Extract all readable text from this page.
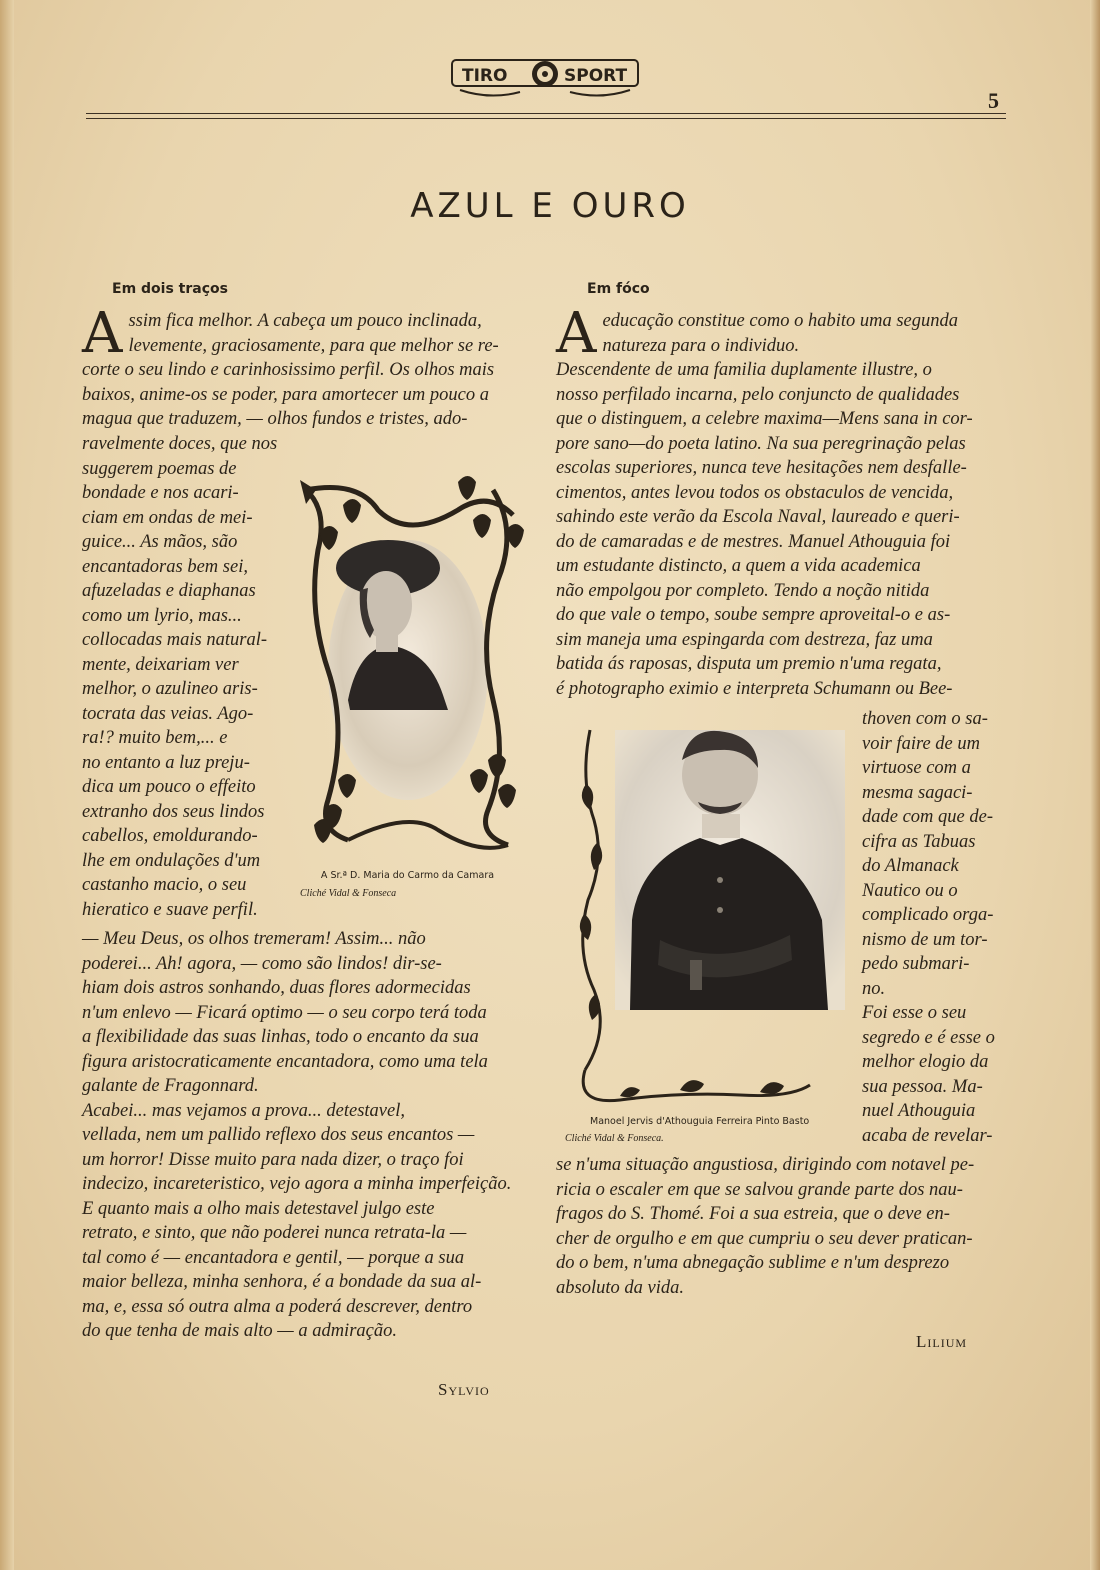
TIRO	SPORT
5
AZUL E OURO
Em dois traços

A ssim fica melhor. A cabeça um pouco inclinada,
levemente, graciosamente, para que melhor se re-
corte o seu lindo e carinhosissimo perfil. Os olhos mais
baixos, anime-os se poder, para amortecer um pouco a
magua que traduzem, — olhos fundos e tristes, ado-

ravelmente doces, que nos
suggerem poemas de
bondade e nos acari-
ciam em ondas de mei-
guice... As mãos, são
encantadoras bem sei,
afuzeladas e diaphanas
como um lyrio, mas...
collocadas mais natural-
mente, deixariam ver
melhor, o azulineo aris-
tocrata das veias. Ago-
ra!? muito bem,... e
no entanto a luz preju-
dica um pouco o effeito
extranho dos seus lindos
cabellos, emoldurando-
lhe em ondulações d'um
castanho macio, o seu
hieratico e suave perfil.

— Meu Deus, os olhos tremeram! Assim... não
poderei... Ah! agora, — como são lindos! dir-se-
hiam dois astros sonhando, duas flores adormecidas
n'um enlevo — Ficará optimo — o seu corpo terá toda
a flexibilidade das suas linhas, todo o encanto da sua
figura aristocraticamente encantadora, como uma tela
galante de Fragonnard.
Acabei... mas vejamos a prova... detestavel,
vellada, nem um pallido reflexo dos seus encantos —
um horror! Disse muito para nada dizer, o traço foi
indecizo, incareteristico, vejo agora a minha imperfeição.
E quanto mais a olho mais detestavel julgo este
retrato, e sinto, que não poderei nunca retrata-la —
tal como é — encantadora e gentil, — porque a sua
maior belleza, minha senhora, é a bondade da sua al-
ma, e, essa só outra alma a poderá descrever, dentro
do que tenha de mais alto — a admiração.

A Sr.ª D. Maria do Carmo da Camara
Cliché Vidal & Fonseca
Sylvio
Em fóco

Aeducação constitue como o habito uma segunda
natureza para o individuo.
Descendente de uma familia duplamente illustre, o
nosso perfilado incarna, pelo conjuncto de qualidades
que o distinguem, a celebre maxima—Mens sana in cor-
pore sano—do poeta latino. Na sua peregrinação pelas
escolas superiores, nunca teve hesitações nem desfalle-
cimentos, antes levou todos os obstaculos de vencida,
sahindo este verão da Escola Naval, laureado e queri-
do de camaradas e de mestres. Manuel Athouguia foi
um estudante distincto, a quem a vida academica
não empolgou por completo. Tendo a noção nitida
do que vale o tempo, soube sempre aproveital-o e as-
sim maneja uma espingarda com destreza, faz uma
batida ás raposas, disputa um premio n'uma regata,
é photographo eximio e interpreta Schumann ou Bee-

thoven com o sa-
voir faire de um
virtuose com a
mesma sagaci-
dade com que de-
cifra as Tabuas
do Almanack
Nautico ou o
complicado orga-
nismo de um tor-
pedo submari-
no.
Foi esse o seu
segredo e é esse o
melhor elogio da
sua pessoa. Ma-
nuel Athouguia
acaba de revelar-

se n'uma situação angustiosa, dirigindo com notavel pe-
ricia o escaler em que se salvou grande parte dos nau-
fragos do S. Thomé. Foi a sua estreia, que o deve en-
cher de orgulho e em que cumpriu o seu dever pratican-
do o bem, n'uma abnegação sublime e n'um desprezo
absoluto da vida.

Manoel Jervis d'Athouguia Ferreira Pinto Basto
Cliché Vidal & Fonseca.
Lilium
